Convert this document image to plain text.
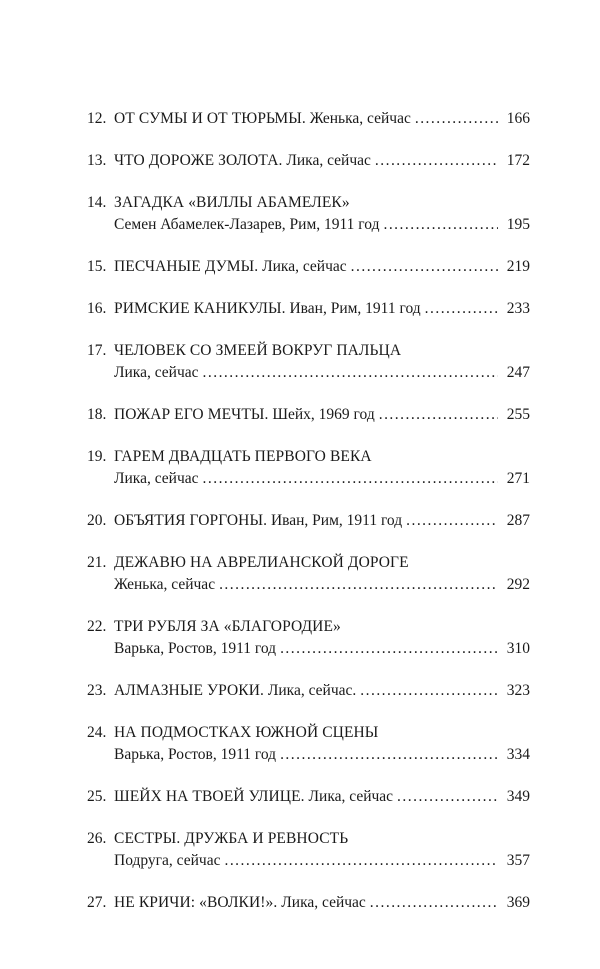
12. ОТ СУМЫ И ОТ ТЮРЬМЫ.
Женька, сейчас . . .	166
13. ЧТО ДОРОЖЕ ЗОЛОТА.
Лика, сейчас . . .	172
14. ЗАГАДКА «ВИЛЛЫ АБАМЕЛЕК»
Семен Абамелек-Лазарев, Рим, 1911 год . . .	195
15. ПЕСЧАНЫЕ ДУМЫ.
Лика, сейчас . . .	219
16. РИМСКИЕ КАНИКУЛЫ.
Иван, Рим, 1911 год . . .	233
17. ЧЕЛОВЕК СО ЗМЕЕЙ ВОКРУГ ПАЛЬЦА
Лика, сейчас . . .	247
18. ПОЖАР ЕГО МЕЧТЫ.
Шейх, 1969 год . . .	255
19. ГАРЕМ ДВАДЦАТЬ ПЕРВОГО ВЕКА
Лика, сейчас . . .	271
20. ОБЪЯТИЯ ГОРГОНЫ.
Иван, Рим, 1911 год . . .	287
21. ДЕЖАВЮ НА АВРЕЛИАНСКОЙ ДОРОГЕ
Женька, сейчас . . .	292
22. ТРИ РУБЛЯ ЗА «БЛАГОРОДИЕ»
Варька, Ростов, 1911 год . . .	310
23. АЛМАЗНЫЕ УРОКИ.
Лика, сейчас. . . .	323
24. НА ПОДМОСТКАХ ЮЖНОЙ СЦЕНЫ
Варька, Ростов, 1911 год . . .	334
25. ШЕЙХ НА ТВОЕЙ УЛИЦЕ.
Лика, сейчас . . .	349
26. СЕСТРЫ. ДРУЖБА И РЕВНОСТЬ
Подруга, сейчас . . .	357
27. НЕ КРИЧИ: «ВОЛКИ!».
Лика, сейчас . . .	369
